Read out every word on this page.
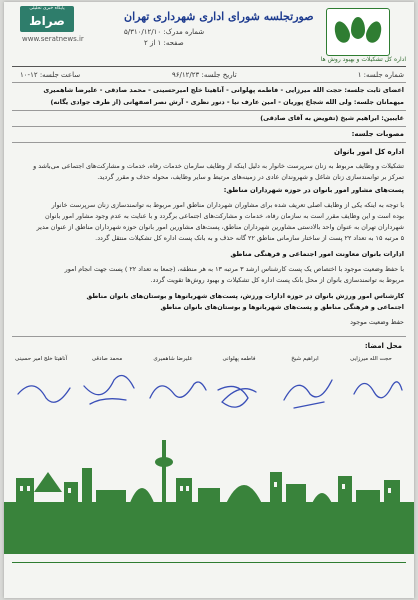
پایگاه خبری تحلیلی
صراط
www.seratnews.ir
اداره کل تشکیلات و بهبود روش ها
صورتجلسه شورای اداری شهرداری تهران
شماره مدرک: ۵/۳۱۰/۱۲/۱۰
صفحه: ۱ از ۲
شماره جلسه: ۱
تاریخ جلسه: ۹۶/۱۲/۲۳
ساعت جلسه: ۱۲-۱۰
اعضای ثابت جلسه: حجت الله میرزایی - فاطمه پهلوانی - آناهیتا خلج امیرحسینی - محمد صادقی - علیرضا شاهمیری
میهمانان جلسه: ولی الله شجاع پوریان - امین عارف نیا - دنور نظری - آرش نصر اصفهانی (از طرف جوادی یگانه)
غایبین: ابراهیم شیخ (تفویض به آقای صادقی)
مصوبات جلسه:
اداره کل امور بانوان
تشکیلات و وظایف مربوط به زنان سرپرست خانوار به دلیل اینکه از وظایف سازمان خدمات رفاه، خدمات و مشارکت‌های اجتماعی می‌باشد و
تمرکز بر توانمندسازی زنان شاغل و شهروندان عادی در زمینه‌های مرتبط و سایر وظایف، محوله حذف و مقرر گردید.
پست‌های مشاور امور بانوان در حوزه شهرداران مناطق:
با توجه به اینکه یکی از وظایف اصلی تعریف شده برای مشاوران شهرداران مناطق امور مربوط به توانمندسازی زنان سرپرست خانوار
بوده است و این وظایف مقرر است به سازمان رفاه، خدمات و مشارکت‌های اجتماعی برگردد و با عنایت به عدم وجود مشاور امور بانوان
شهرداران تهران به عنوان واحد بالادستی مشاورین شهرداران مناطق، پست‌های مشاورین امور بانوان حوزه شهرداران مناطق از عنوان مدیر
۵ مرتبه ۱۵ به تعداد ۲۲ پست از ساختار سازمانی مناطق ۲۲ گانه حذف و به بانک پست اداره کل تشکیلات منتقل گردد.
ادارات بانوان معاونت امور اجتماعی و فرهنگی مناطق
با حفظ وضعیت موجود با اختصاص یک پست کارشناس ارشد ۳ مرتبه ۱۳ به هر منطقه، (جمعا به تعداد ۲۲ ) پست جهت انجام امور
مربوط به توانمندسازی بانوان از محل بانک پست اداره کل تشکیلات و بهبود روش‌ها تقویت گردد.
کارشناس امور ورزش بانوان در حوزه ادارات ورزش، پست‌های شهربانوها و بوستان‌های بانوان مناطق
اجتماعی و فرهنگی مناطق و پست‌های شهربانوها و بوستان‌های بانوان مناطق
حفظ وضعیت موجود
محل امضا:
حجت الله میرزایی
ابراهیم شیخ
فاطمه پهلوانی
علیرضا شاهمیری
محمد صادقی
آناهیتا خلج امیر حسینی
